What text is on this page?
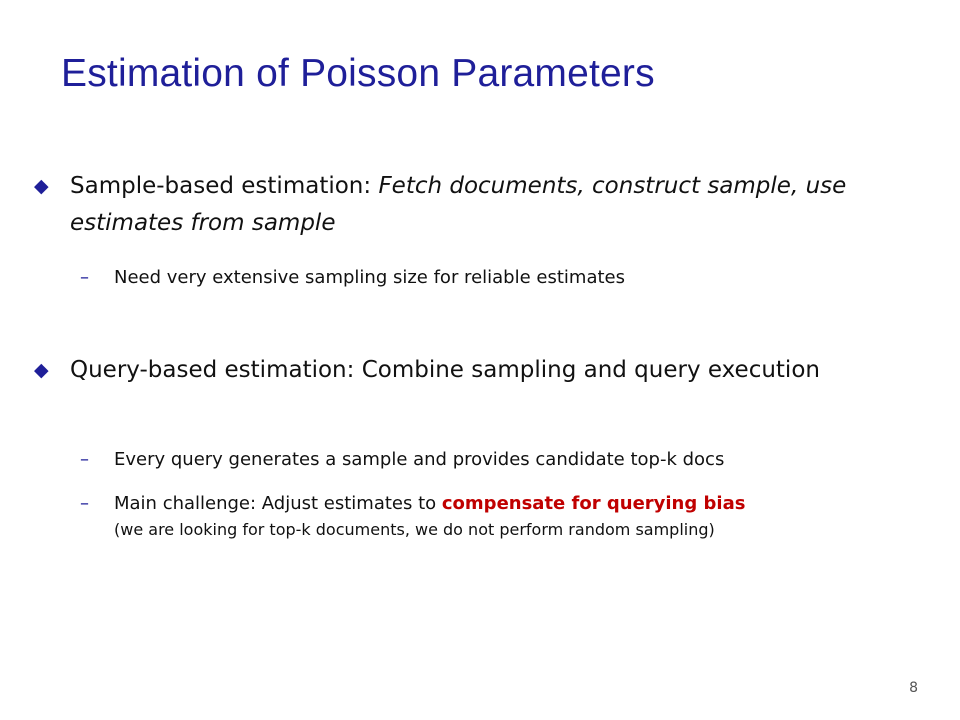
Estimation of Poisson Parameters
◆ Sample-based estimation: Fetch documents, construct sample, use estimates from sample
– Need very extensive sampling size for reliable estimates
◆ Query-based estimation: Combine sampling and query execution
– Every query generates a sample and provides candidate top-k docs
– Main challenge: Adjust estimates to compensate for querying bias
(we are looking for top-k documents, we do not perform random sampling)
8
